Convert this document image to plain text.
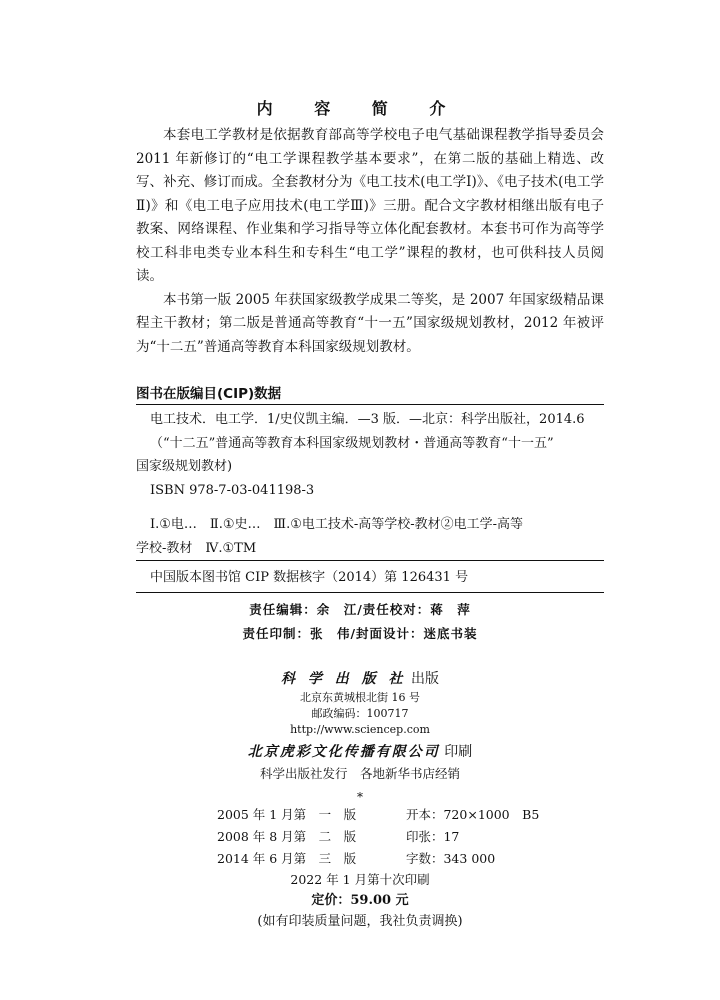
内 容 简 介

本套电工学教材是依据教育部高等学校电子电气基础课程教学指导委员会 2011 年新修订的“电工学课程教学基本要求”，在第二版的基础上精选、改写、补充、修订而成。全套教材分为《电工技术(电工学Ⅰ)》、《电子技术(电工学Ⅱ)》和《电工电子应用技术(电工学Ⅲ)》三册。配合文字教材相继出版有电子教案、网络课程、作业集和学习指导等立体化配套教材。本套书可作为高等学校工科非电类专业本科生和专科生“电工学”课程的教材，也可供科技人员阅读。

本书第一版 2005 年获国家级教学成果二等奖，是 2007 年国家级精品课程主干教材；第二版是普通高等教育“十一五”国家级规划教材，2012 年被评为“十二五”普通高等教育本科国家级规划教材。

图书在版编目(CIP)数据
电工技术．电工学．1/史仪凯主编．—3 版．—北京：科学出版社，2014.6
（“十二五”普通高等教育本科国家级规划教材・普通高等教育“十一五”
国家级规划教材)
ISBN 978-7-03-041198-3
Ⅰ.①电…　Ⅱ.①史…　Ⅲ.①电工技术-高等学校-教材②电工学-高等
学校-教材　Ⅳ.①TM
中国版本图书馆 CIP 数据核字（2014）第 126431 号
责任编辑：余　江/责任校对：蒋　萍
责任印制：张　伟/封面设计：迷底书装
科 学 出 版 社 出版
北京东黄城根北街 16 号
邮政编码：100717
http://www.sciencep.com
北京虎彩文化传播有限公司 印刷
科学出版社发行　各地新华书店经销
*
2005 年 1 月第　一　版	开本：720×1000　B5
2008 年 8 月第　二　版	印张：17
2014 年 6 月第　三　版	字数：343 000
2022 年 1 月第十次印刷
定价：59.00 元
(如有印装质量问题，我社负责调换)
